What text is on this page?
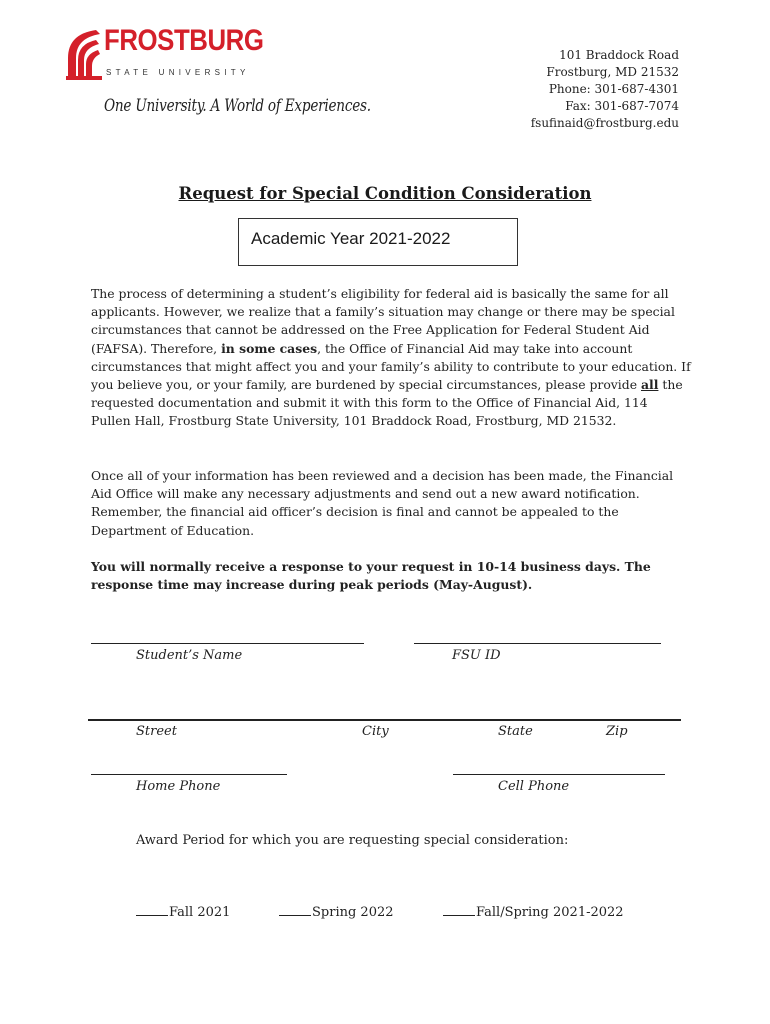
FROSTBURG
STATE UNIVERSITY
One University. A World of Experiences.
101 Braddock Road
Frostburg, MD 21532
Phone: 301-687-4301
Fax: 301-687-7074
fsufinaid@frostburg.edu
Request for Special Condition Consideration
Academic Year 2021-2022
The process of determining a student’s eligibility for federal aid is basically the same for all applicants. However, we realize that a family’s situation may change or there may be special circumstances that cannot be addressed on the Free Application for Federal Student Aid (FAFSA). Therefore, in some cases, the Office of Financial Aid may take into account circumstances that might affect you and your family’s ability to contribute to your education. If you believe you, or your family, are burdened by special circumstances, please provide all the requested documentation and submit it with this form to the Office of Financial Aid, 114 Pullen Hall, Frostburg State University, 101 Braddock Road, Frostburg, MD 21532.
Once all of your information has been reviewed and a decision has been made, the Financial Aid Office will make any necessary adjustments and send out a new award notification. Remember, the financial aid officer’s decision is final and cannot be appealed to the Department of Education.
You will normally receive a response to your request in 10-14 business days. The response time may increase during peak periods (May-August).
Student’s Name	FSU ID
Street	City	State	Zip
Home Phone	Cell Phone
Award Period for which you are requesting special consideration:
Fall 2021	Spring 2022	Fall/Spring 2021-2022
